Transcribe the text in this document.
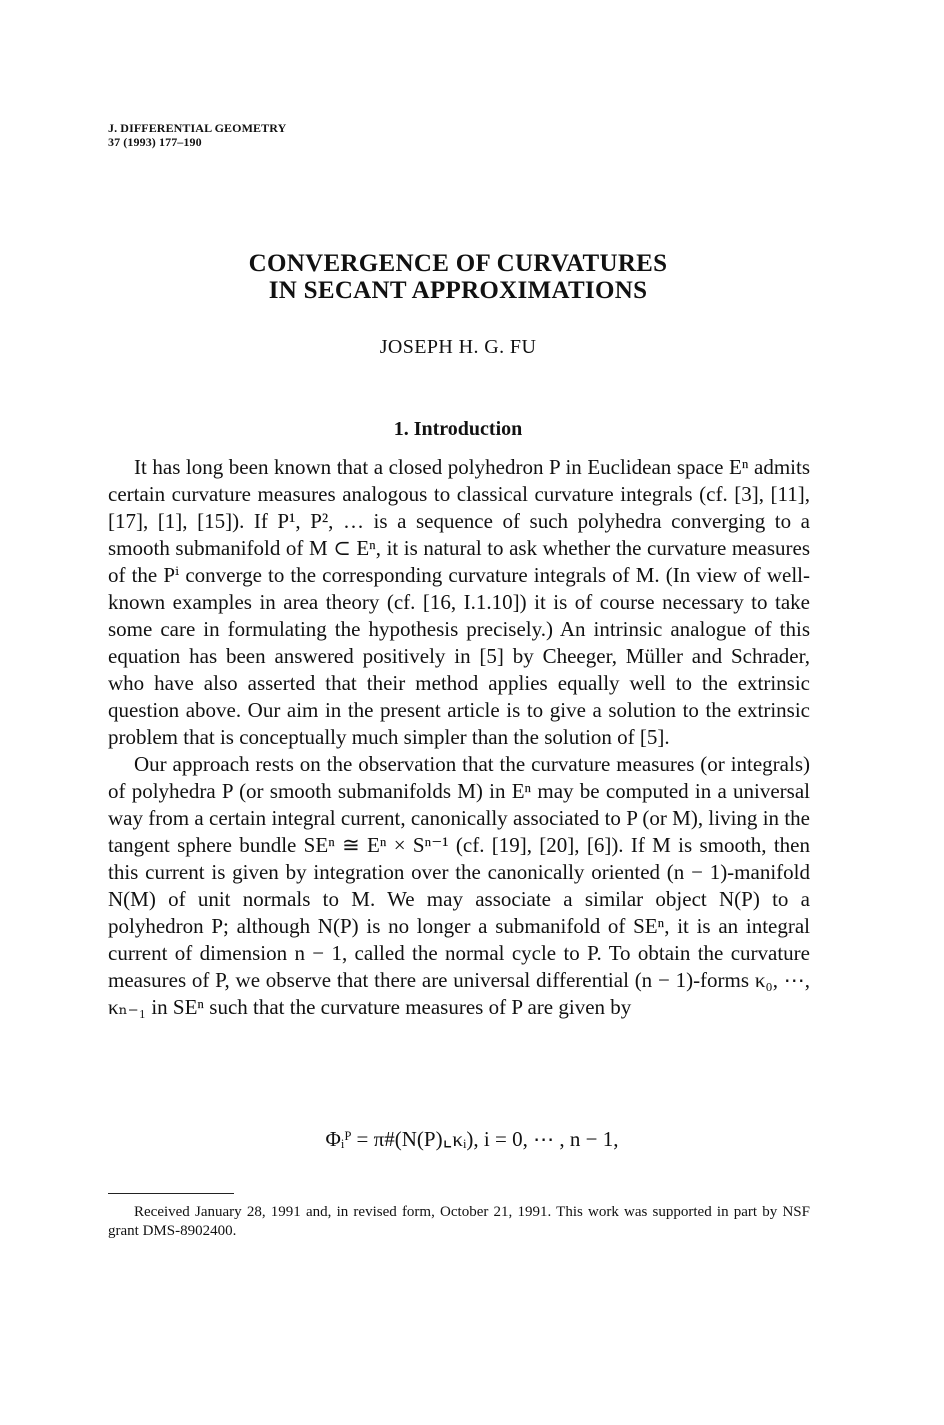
J. DIFFERENTIAL GEOMETRY
37 (1993) 177–190
CONVERGENCE OF CURVATURES
IN SECANT APPROXIMATIONS
JOSEPH H. G. FU
1. Introduction

It has long been known that a closed polyhedron P in Euclidean space Eⁿ admits certain curvature measures analogous to classical curvature integrals (cf. [3], [11], [17], [1], [15]). If P¹, P², … is a sequence of such polyhedra converging to a smooth submanifold of M ⊂ Eⁿ, it is natural to ask whether the curvature measures of the Pⁱ converge to the corresponding curvature integrals of M. (In view of well-known examples in area theory (cf. [16, I.1.10]) it is of course necessary to take some care in formulating the hypothesis precisely.) An intrinsic analogue of this equation has been answered positively in [5] by Cheeger, Müller and Schrader, who have also asserted that their method applies equally well to the extrinsic question above. Our aim in the present article is to give a solution to the extrinsic problem that is conceptually much simpler than the solution of [5].

Our approach rests on the observation that the curvature measures (or integrals) of polyhedra P (or smooth submanifolds M) in Eⁿ may be computed in a universal way from a certain integral current, canonically associated to P (or M), living in the tangent sphere bundle SEⁿ ≅ Eⁿ × Sⁿ⁻¹ (cf. [19], [20], [6]). If M is smooth, then this current is given by integration over the canonically oriented (n − 1)-manifold N(M) of unit normals to M. We may associate a similar object N(P) to a polyhedron P; although N(P) is no longer a submanifold of SEⁿ, it is an integral current of dimension n − 1, called the normal cycle to P. To obtain the curvature measures of P, we observe that there are universal differential (n − 1)-forms κ₀, ⋯, κₙ₋₁ in SEⁿ such that the curvature measures of P are given by

Φᵢᴾ = π#(N(P)⌞κᵢ), i = 0, ⋯ , n − 1,
Received January 28, 1991 and, in revised form, October 21, 1991. This work was supported in part by NSF grant DMS-8902400.
